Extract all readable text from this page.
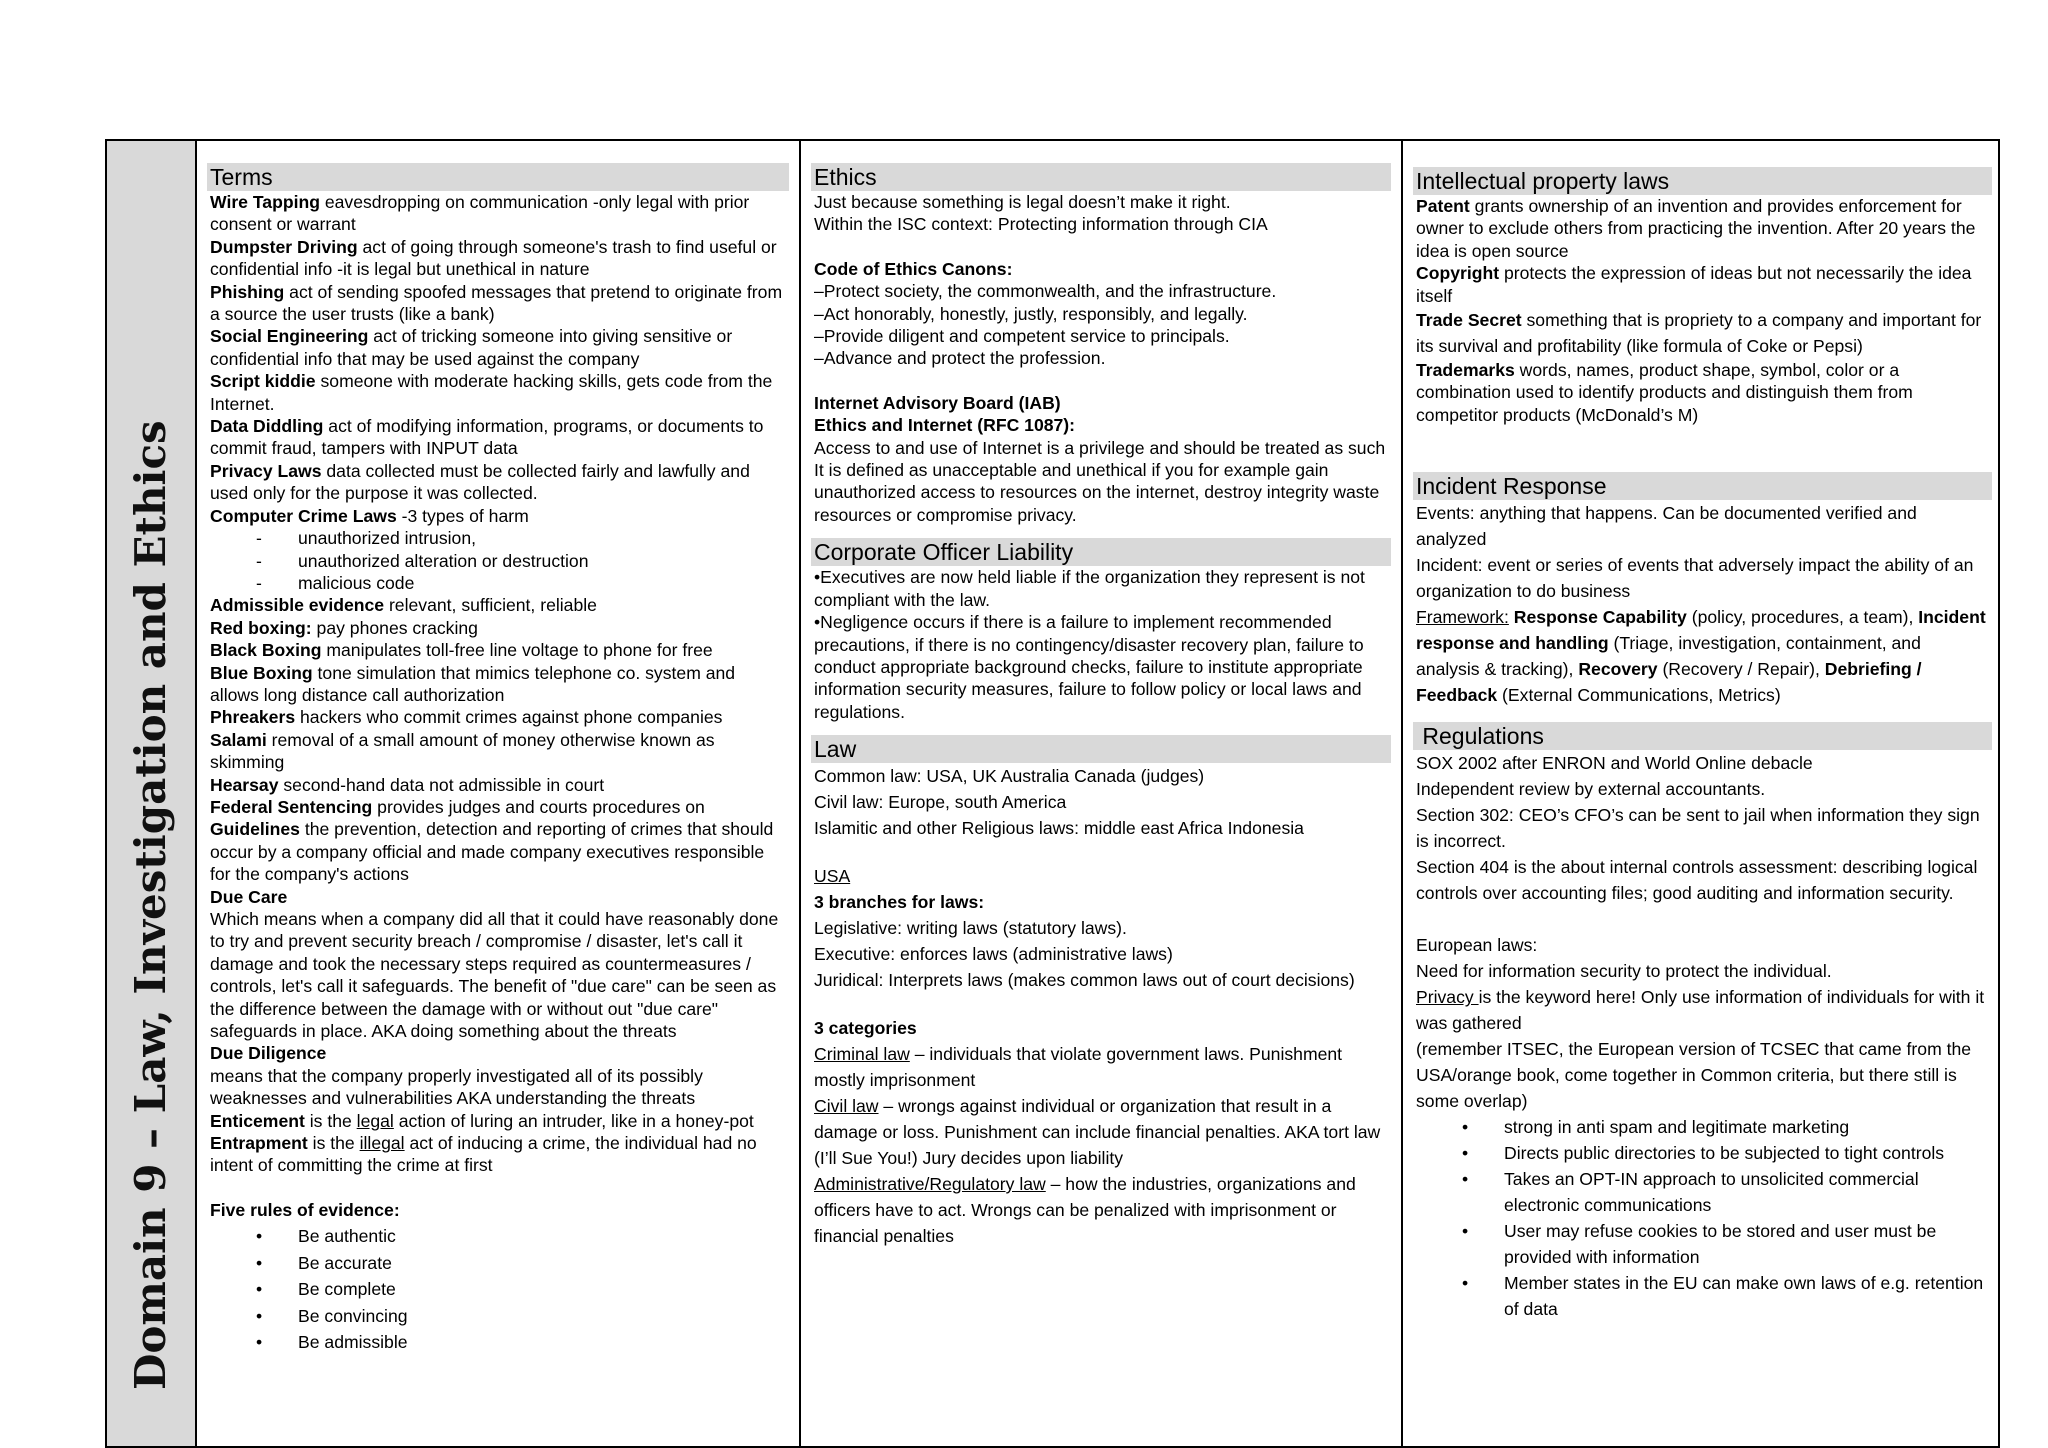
Domain 9 – Law, Investigation and Ethics
Terms
Wire Tapping eavesdropping on communication -only legal with prior consent or warrant
Dumpster Driving act of going through someone's trash to find useful or confidential info -it is legal but unethical in nature
Phishing act of sending spoofed messages that pretend to originate from a source the user trusts (like a bank)
Social Engineering act of tricking someone into giving sensitive or confidential info that may be used against the company
Script kiddie someone with moderate hacking skills, gets code from the Internet.
Data Diddling act of modifying information, programs, or documents to commit fraud, tampers with INPUT data
Privacy Laws data collected must be collected fairly and lawfully and used only for the purpose it was collected.
Computer Crime Laws -3 types of harm
- unauthorized intrusion,
- unauthorized alteration or destruction
- malicious code
Admissible evidence relevant, sufficient, reliable
Red boxing: pay phones cracking
Black Boxing manipulates toll-free line voltage to phone for free
Blue Boxing tone simulation that mimics telephone co. system and allows long distance call authorization
Phreakers hackers who commit crimes against phone companies
Salami removal of a small amount of money otherwise known as skimming
Hearsay second-hand data not admissible in court
Federal Sentencing provides judges and courts procedures on
Guidelines the prevention, detection and reporting of crimes that should occur by a company official and made company executives responsible for the company's actions
Due Care
Which means when a company did all that it could have reasonably done to try and prevent security breach / compromise / disaster, let's call it damage and took the necessary steps required as countermeasures / controls, let's call it safeguards. The benefit of "due care" can be seen as the difference between the damage with or without out "due care" safeguards in place. AKA doing something about the threats
Due Diligence
means that the company properly investigated all of its possibly weaknesses and vulnerabilities AKA understanding the threats
Enticement is the legal action of luring an intruder, like in a honey-pot
Entrapment is the illegal act of inducing a crime, the individual had no intent of committing the crime at first
Five rules of evidence:
• Be authentic
• Be accurate
• Be complete
• Be convincing
• Be admissible
Ethics
Just because something is legal doesn’t make it right.
Within the ISC context: Protecting information through CIA
Code of Ethics Canons:
–Protect society, the commonwealth, and the infrastructure.
–Act honorably, honestly, justly, responsibly, and legally.
–Provide diligent and competent service to principals.
–Advance and protect the profession.
Internet Advisory Board (IAB)
Ethics and Internet (RFC 1087):
Access to and use of Internet is a privilege and should be treated as such
It is defined as unacceptable and unethical if you for example gain unauthorized access to resources on the internet, destroy integrity waste resources or compromise privacy.
Corporate Officer Liability
•Executives are now held liable if the organization they represent is not compliant with the law.
•Negligence occurs if there is a failure to implement recommended precautions, if there is no contingency/disaster recovery plan, failure to conduct appropriate background checks, failure to institute appropriate information security measures, failure to follow policy or local laws and regulations.
Law
Common law: USA, UK Australia Canada (judges)
Civil law: Europe, south America
Islamitic and other Religious laws: middle east Africa Indonesia
USA
3 branches for laws:
Legislative: writing laws (statutory laws).
Executive: enforces laws (administrative laws)
Juridical: Interprets laws (makes common laws out of court decisions)
3 categories
Criminal law – individuals that violate government laws. Punishment mostly imprisonment
Civil law – wrongs against individual or organization that result in a damage or loss. Punishment can include financial penalties. AKA tort law (I’ll Sue You!) Jury decides upon liability
Administrative/Regulatory law – how the industries, organizations and officers have to act. Wrongs can be penalized with imprisonment or financial penalties
Intellectual property laws
Patent grants ownership of an invention and provides enforcement for owner to exclude others from practicing the invention. After 20 years the idea is open source
Copyright protects the expression of ideas but not necessarily the idea itself
Trade Secret something that is propriety to a company and important for its survival and profitability (like formula of Coke or Pepsi)
Trademarks words, names, product shape, symbol, color or a combination used to identify products and distinguish them from competitor products (McDonald’s M)
Incident Response
Events: anything that happens. Can be documented verified and analyzed
Incident: event or series of events that adversely impact the ability of an organization to do business
Framework: Response Capability (policy, procedures, a team), Incident response and handling (Triage, investigation, containment, and analysis & tracking), Recovery (Recovery / Repair), Debriefing / Feedback (External Communications, Metrics)
Regulations
SOX 2002 after ENRON and World Online debacle
Independent review by external accountants.
Section 302: CEO’s CFO’s can be sent to jail when information they sign is incorrect.
Section 404 is the about internal controls assessment: describing logical controls over accounting files; good auditing and information security.
European laws:
Need for information security to protect the individual.
Privacy is the keyword here! Only use information of individuals for with it was gathered
(remember ITSEC, the European version of TCSEC that came from the USA/orange book, come together in Common criteria, but there still is some overlap)
• strong in anti spam and legitimate marketing
• Directs public directories to be subjected to tight controls
• Takes an OPT-IN approach to unsolicited commercial electronic communications
• User may refuse cookies to be stored and user must be provided with information
• Member states in the EU can make own laws of e.g. retention of data
